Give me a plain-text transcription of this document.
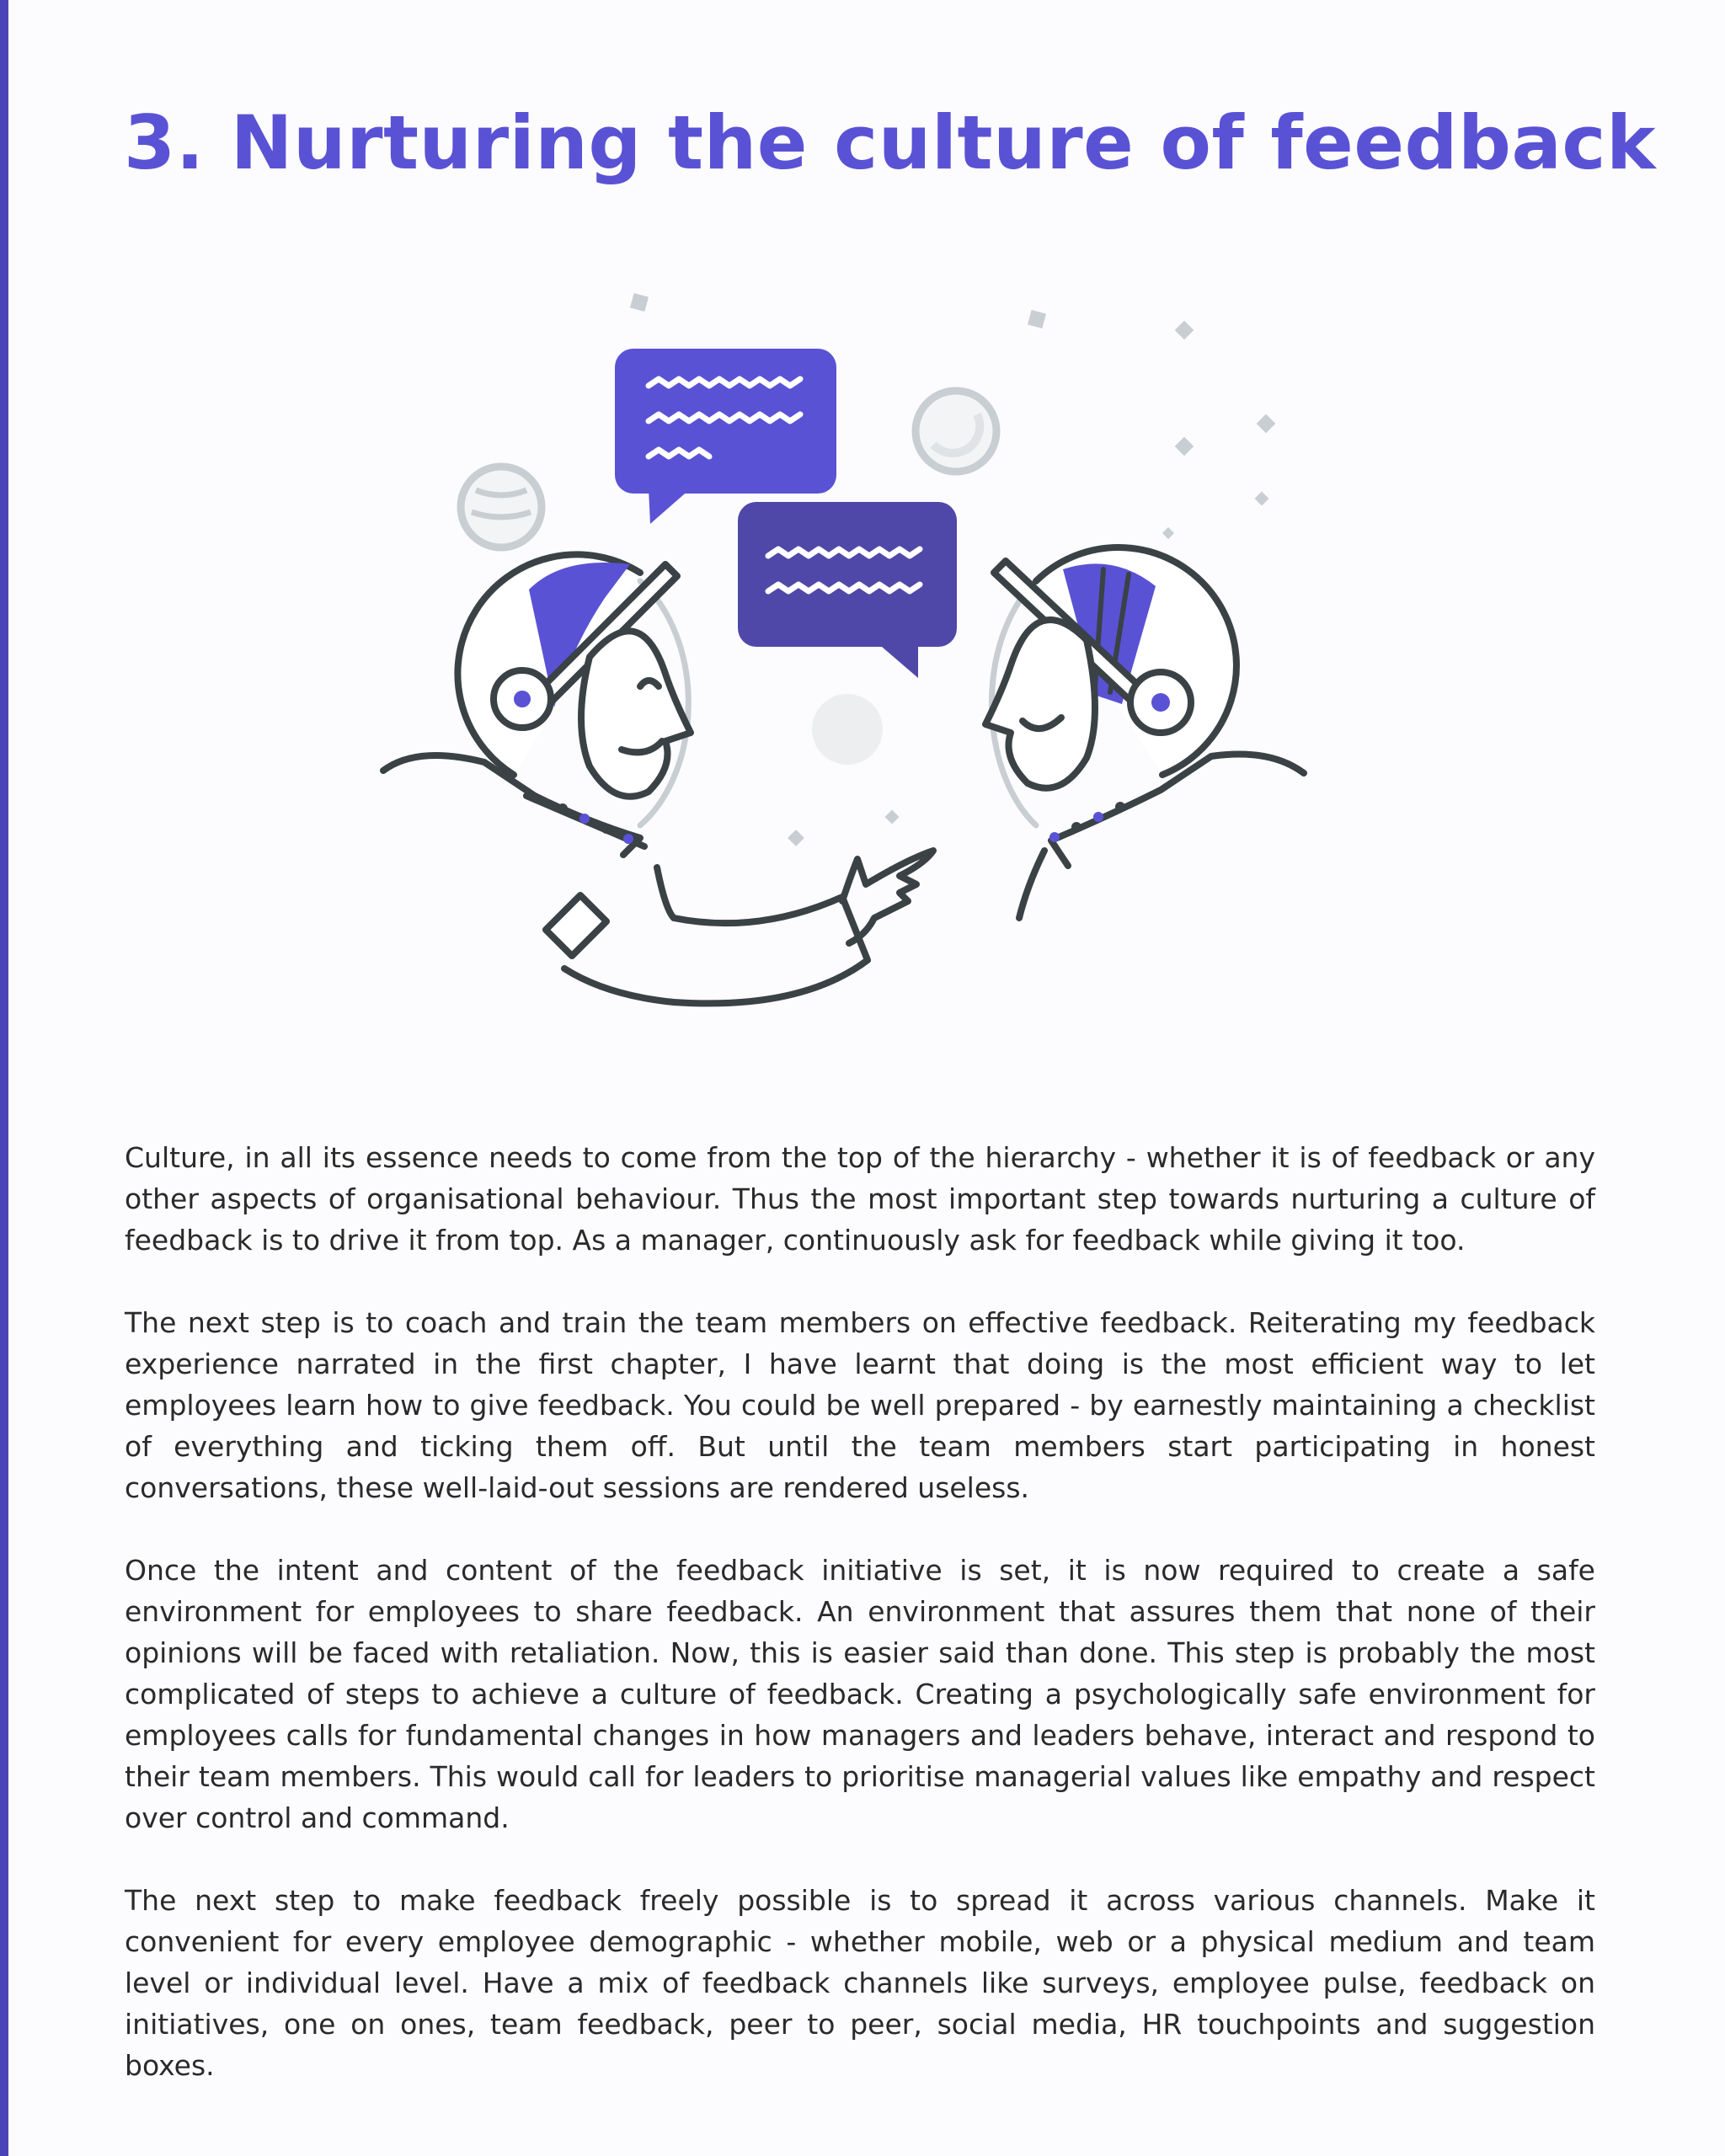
3. Nurturing the culture of feedback

Culture, in all its essence needs to come from the top of the hierarchy - whether it is of feedback or any other aspects of organisational behaviour. Thus the most important step towards nurturing a culture of feedback is to drive it from top. As a manager, continuously ask for feedback while giving it too.

The next step is to coach and train the team members on effective feedback. Reiterating my feedback experience narrated in the first chapter, I have learnt that doing is the most efficient way to let employees learn how to give feedback. You could be well prepared - by earnestly maintaining a checklist of everything and ticking them off. But until the team members start participating in honest conversations, these well-laid-out sessions are rendered useless.

Once the intent and content of the feedback initiative is set, it is now required to create a safe environment for employees to share feedback. An environment that assures them that none of their opinions will be faced with retaliation. Now, this is easier said than done. This step is probably the most complicated of steps to achieve a culture of feedback. Creating a psychologically safe environment for employees calls for fundamental changes in how managers and leaders behave, interact and respond to their team members. This would call for leaders to prioritise managerial values like empathy and respect over control and command.

The next step to make feedback freely possible is to spread it across various channels. Make it convenient for every employee demographic - whether mobile, web or a physical medium and team level or individual level. Have a mix of feedback channels like surveys, employee pulse, feedback on initiatives, one on ones, team feedback, peer to peer, social media, HR touchpoints and suggestion boxes.
